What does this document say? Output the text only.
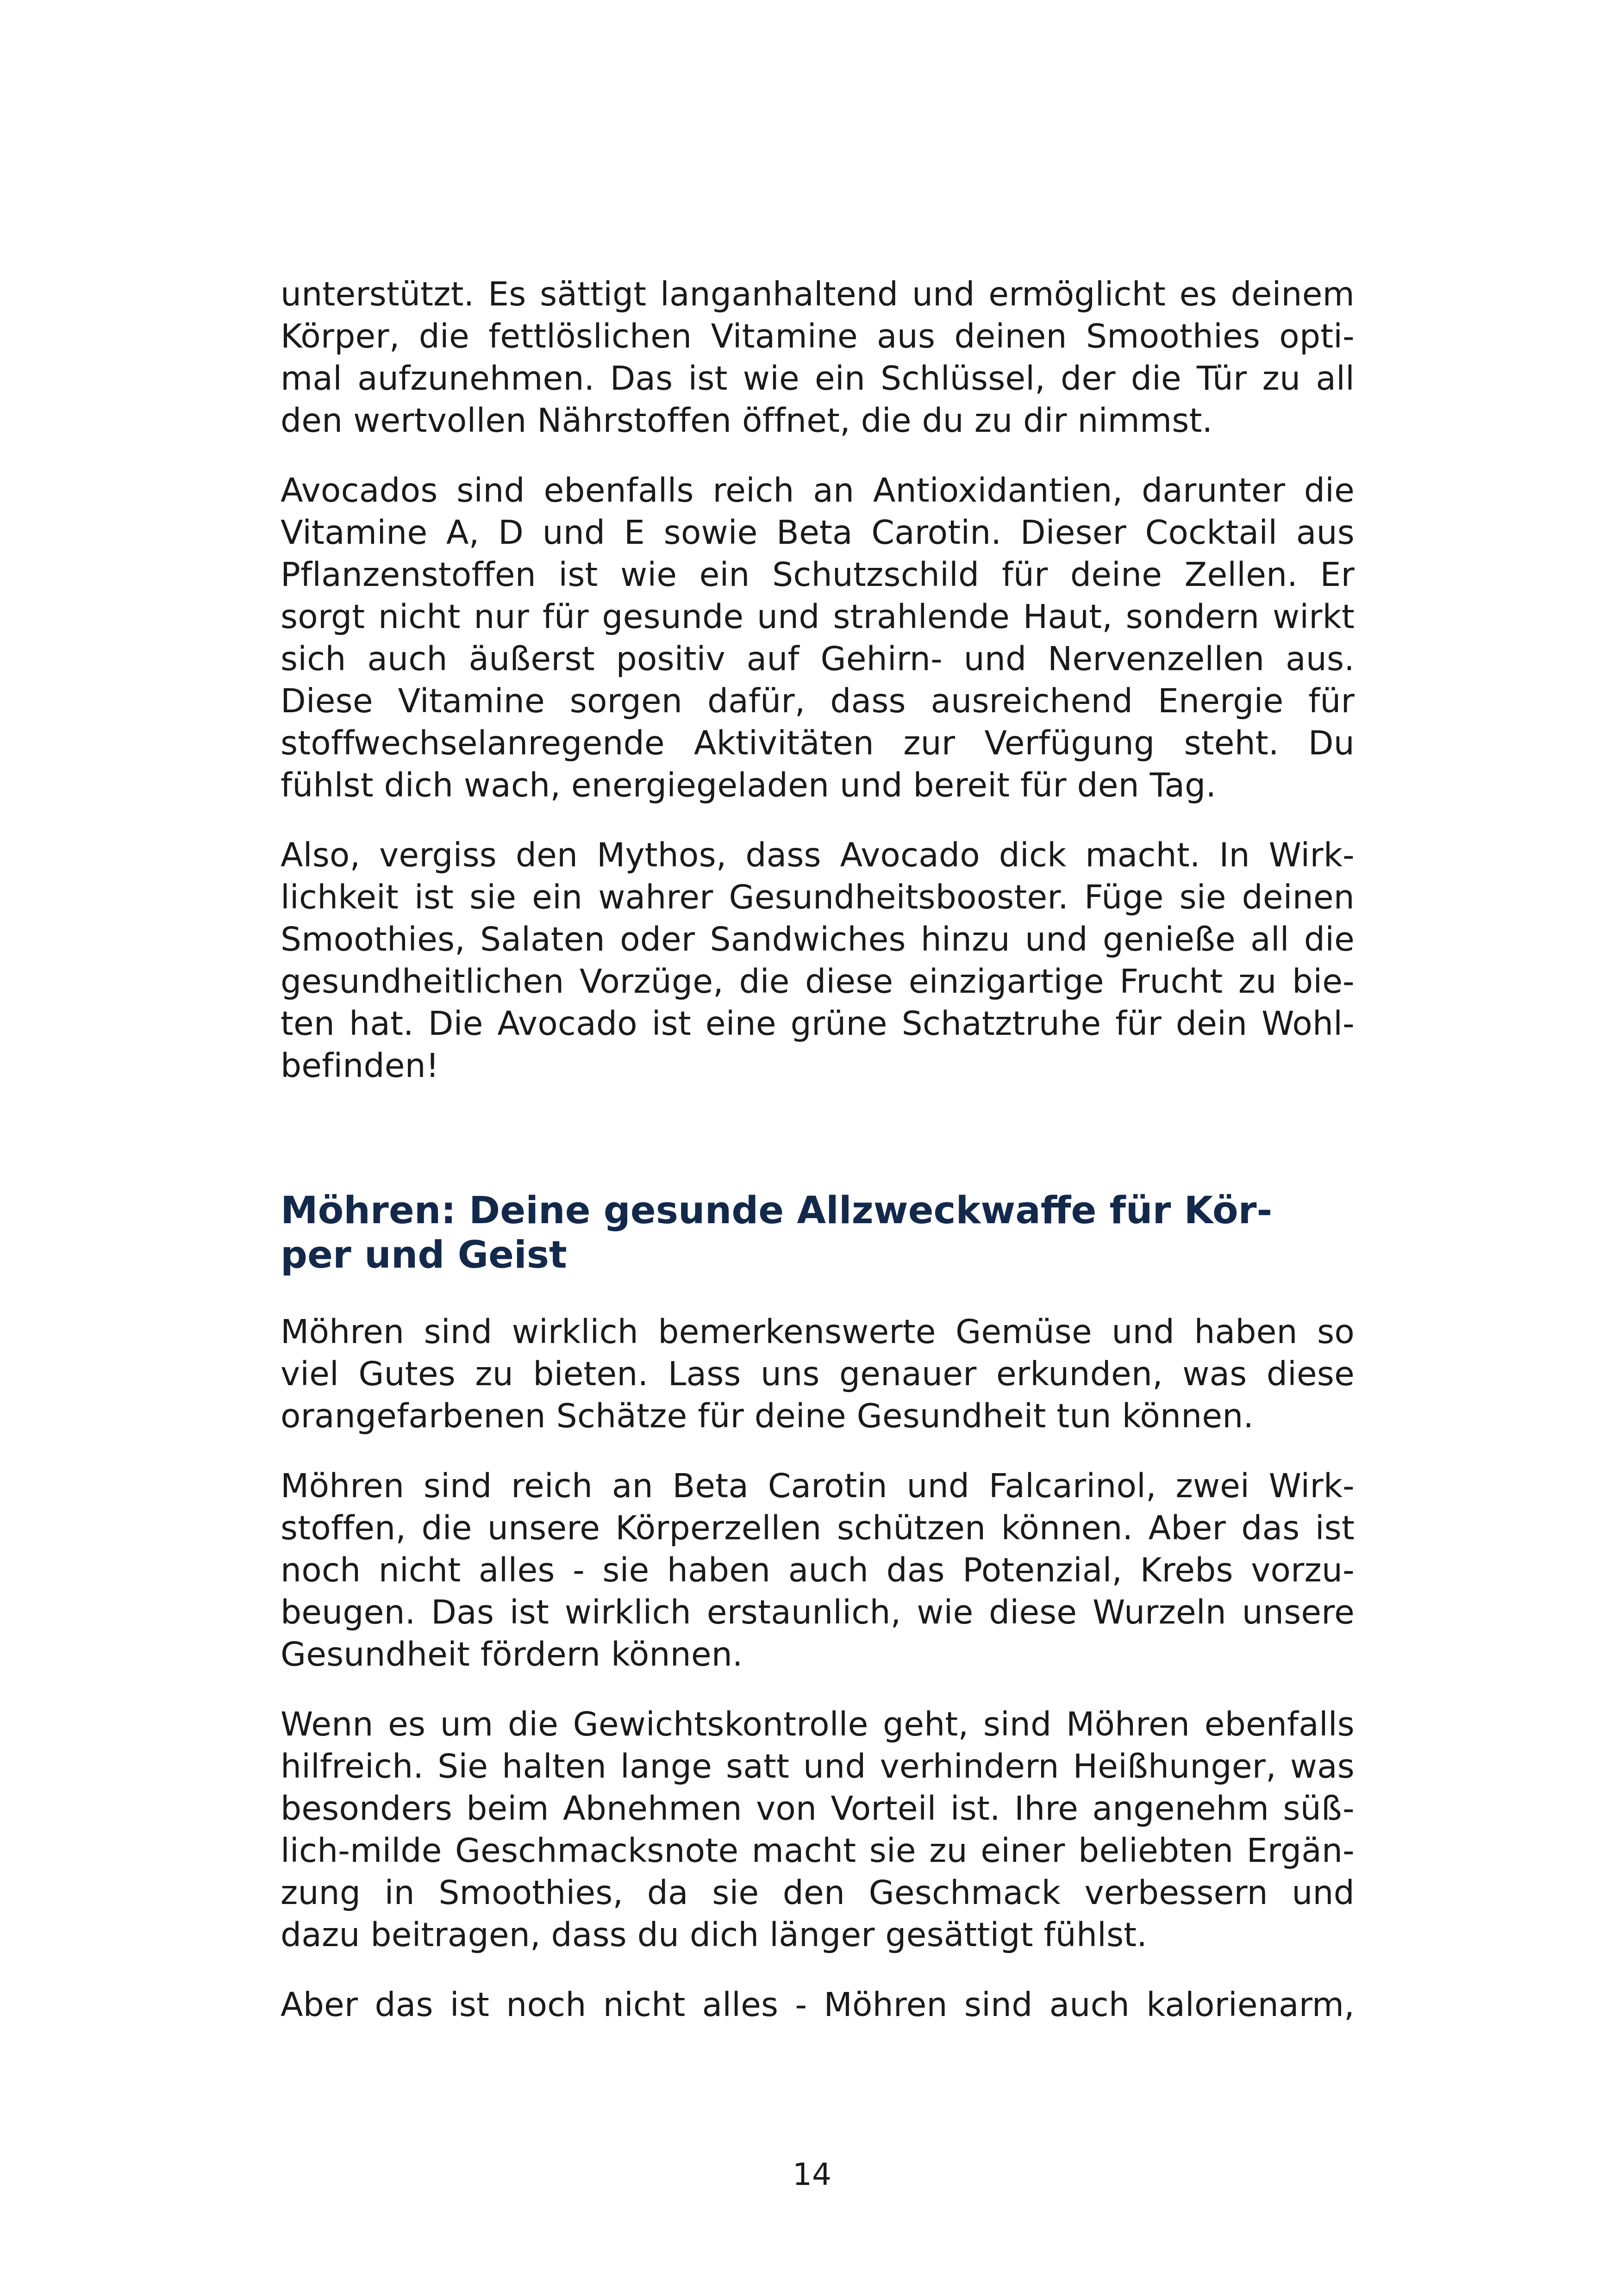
unterstützt. Es sättigt langanhaltend und ermöglicht es deinem
Körper, die fettlöslichen Vitamine aus deinen Smoothies opti-
mal aufzunehmen. Das ist wie ein Schlüssel, der die Tür zu all
den wertvollen Nährstoffen öffnet, die du zu dir nimmst.

Avocados sind ebenfalls reich an Antioxidantien, darunter die
Vitamine A, D und E sowie Beta Carotin. Dieser Cocktail aus
Pflanzenstoffen ist wie ein Schutzschild für deine Zellen. Er
sorgt nicht nur für gesunde und strahlende Haut, sondern wirkt
sich auch äußerst positiv auf Gehirn- und Nervenzellen aus.
Diese Vitamine sorgen dafür, dass ausreichend Energie für
stoffwechselanregende Aktivitäten zur Verfügung steht. Du
fühlst dich wach, energiegeladen und bereit für den Tag.

Also, vergiss den Mythos, dass Avocado dick macht. In Wirk-
lichkeit ist sie ein wahrer Gesundheitsbooster. Füge sie deinen
Smoothies, Salaten oder Sandwiches hinzu und genieße all die
gesundheitlichen Vorzüge, die diese einzigartige Frucht zu bie-
ten hat. Die Avocado ist eine grüne Schatztruhe für dein Wohl-
befinden!

Möhren: Deine gesunde Allzweckwaffe für Kör-
per und Geist

Möhren sind wirklich bemerkenswerte Gemüse und haben so
viel Gutes zu bieten. Lass uns genauer erkunden, was diese
orangefarbenen Schätze für deine Gesundheit tun können.

Möhren sind reich an Beta Carotin und Falcarinol, zwei Wirk-
stoffen, die unsere Körperzellen schützen können. Aber das ist
noch nicht alles - sie haben auch das Potenzial, Krebs vorzu-
beugen. Das ist wirklich erstaunlich, wie diese Wurzeln unsere
Gesundheit fördern können.

Wenn es um die Gewichtskontrolle geht, sind Möhren ebenfalls
hilfreich. Sie halten lange satt und verhindern Heißhunger, was
besonders beim Abnehmen von Vorteil ist. Ihre angenehm süß-
lich-milde Geschmacksnote macht sie zu einer beliebten Ergän-
zung in Smoothies, da sie den Geschmack verbessern und
dazu beitragen, dass du dich länger gesättigt fühlst.

Aber das ist noch nicht alles - Möhren sind auch kalorienarm,

14
